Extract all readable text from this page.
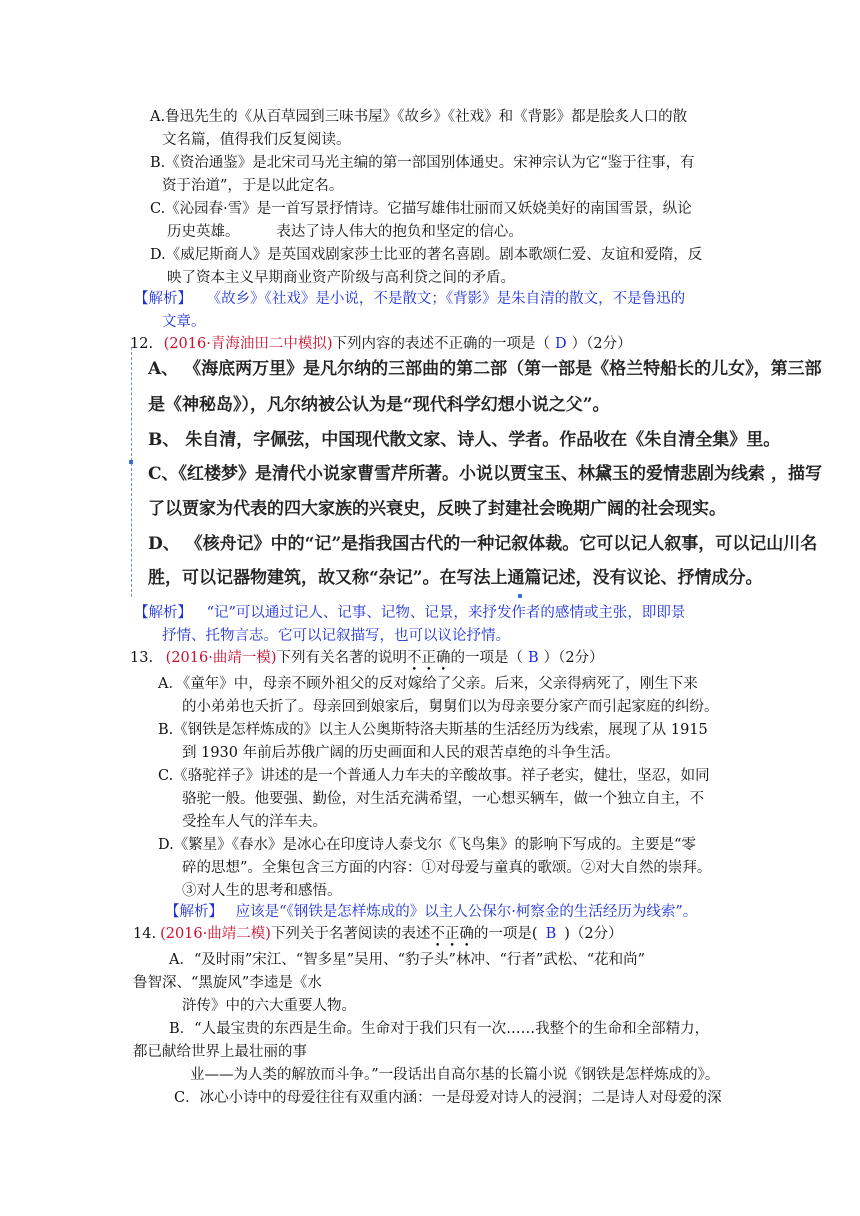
A.鲁迅先生的《从百草园到三味书屋》《故乡》《社戏》和《背影》都是脍炙人口的散
文名篇，值得我们反复阅读。
B.《资治通鉴》是北宋司马光主编的第一部国别体通史。宋神宗认为它“鉴于往事，有
资于治道”，于是以此定名。
C.《沁园春·雪》是一首写景抒情诗。它描写雄伟壮丽而又妖娆美好的南国雪景，纵论
历史英雄。        表达了诗人伟大的抱负和坚定的信心。
D.《威尼斯商人》是英国戏剧家莎士比亚的著名喜剧。剧本歌颂仁爱、友谊和爱隋，反
映了资本主义早期商业资产阶级与高利贷之间的矛盾。
【解析】 《故乡》《社戏》是小说，不是散文；《背影》是朱自清的散文，不是鲁迅的
文章。
12. (2016·青海油田二中模拟)下列内容的表述不正确的一项是（ D ）（2分）
A、 《海底两万里》是凡尔纳的三部曲的第二部（第一部是《格兰特船长的儿女》，第三部
是《神秘岛》），凡尔纳被公认为是“现代科学幻想小说之父”。
B、 朱自清，字佩弦，中国现代散文家、诗人、学者。作品收在《朱自清全集》里。
C、《红楼梦》是清代小说家曹雪芹所著。小说以贾宝玉、林黛玉的爱情悲剧为线索 ，描写
了以贾家为代表的四大家族的兴衰史，反映了封建社会晚期广阔的社会现实。
D、 《核舟记》中的“记”是指我国古代的一种记叙体裁。它可以记人叙事，可以记山川名
胜，可以记器物建筑，故又称“杂记”。在写法上通篇记述，没有议论、抒情成分。
【解析】 “记”可以通过记人、记事、记物、记景，来抒发作者的感情或主张，即即景
抒情、托物言志。它可以记叙描写，也可以议论抒情。
13. (2016·曲靖一模)下列有关名著的说明不正确的一项是（ B ）（2分）
A．《童年》中，母亲不顾外祖父的反对嫁给了父亲。后来，父亲得病死了，刚生下来
的小弟弟也夭折了。母亲回到娘家后，舅舅们以为母亲要分家产而引起家庭的纠纷。
B.《钢铁是怎样炼成的》以主人公奥斯特洛夫斯基的生活经历为线索，展现了从 1915
到 1930 年前后苏俄广阔的历史画面和人民的艰苦卓绝的斗争生活。
C.《骆驼祥子》讲述的是一个普通人力车夫的辛酸故事。祥子老实，健壮，坚忍，如同
骆驼一般。他要强、勤俭，对生活充满希望，一心想买辆车，做一个独立自主，不
受拴车人气的洋车夫。
D.《繁星》《春水》是冰心在印度诗人泰戈尔《飞鸟集》的影响下写成的。主要是“零
碎的思想”。全集包含三方面的内容：①对母爱与童真的歌颂。②对大自然的崇拜。
③对人生的思考和感悟。
【解析】 应该是“《钢铁是怎样炼成的》以主人公保尔·柯察金的生活经历为线索”。
14. (2016·曲靖二模)下列关于名著阅读的表述不正确的一项是( B )（2分）
A．“及时雨”宋江、“智多星”吴用、“豹子头”林冲、“行者”武松、“花和尚”
鲁智深、“黑旋风”李逵是《水
浒传》中的六大重要人物。
B．“人最宝贵的东西是生命。生命对于我们只有一次……我整个的生命和全部精力，
都已献给世界上最壮丽的事
业——为人类的解放而斗争。”一段话出自高尔基的长篇小说《钢铁是怎样炼成的》。
C．冰心小诗中的母爱往往有双重内涵：一是母爱对诗人的浸润；二是诗人对母爱的深
